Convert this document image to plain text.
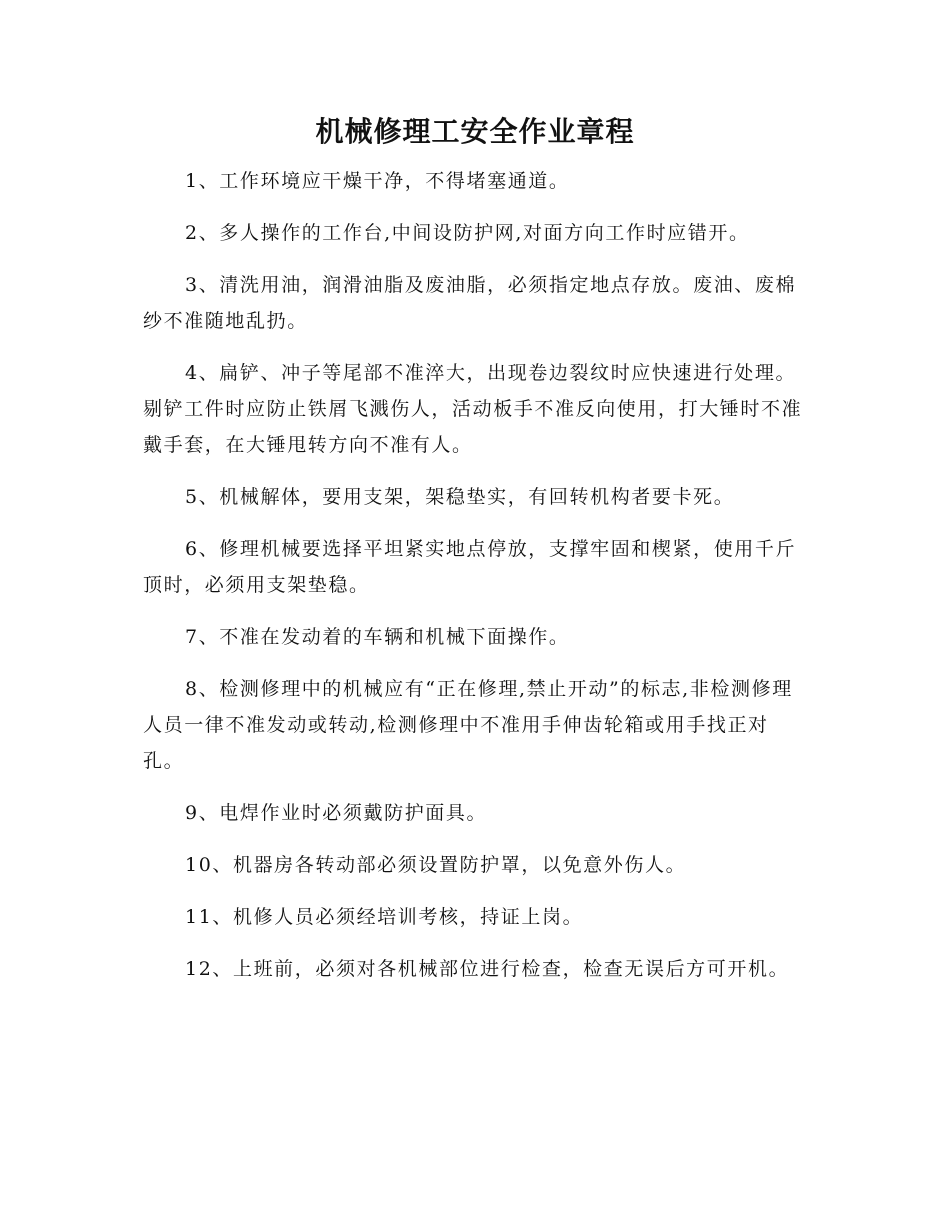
机械修理工安全作业章程

1、工作环境应干燥干净，不得堵塞通道。

2、多人操作的工作台,中间设防护网,对面方向工作时应错开。

3、清洗用油，润滑油脂及废油脂，必须指定地点存放。废油、废棉纱不准随地乱扔。

4、扁铲、冲子等尾部不准淬大，出现卷边裂纹时应快速进行处理。剔铲工件时应防止铁屑飞溅伤人，活动板手不准反向使用，打大锤时不准戴手套，在大锤甩转方向不准有人。

5、机械解体，要用支架，架稳垫实，有回转机构者要卡死。

6、修理机械要选择平坦紧实地点停放，支撑牢固和楔紧，使用千斤顶时，必须用支架垫稳。

7、不准在发动着的车辆和机械下面操作。

8、检测修理中的机械应有“正在修理,禁止开动”的标志,非检测修理人员一律不准发动或转动,检测修理中不准用手伸齿轮箱或用手找正对孔。

9、电焊作业时必须戴防护面具。

10、机器房各转动部必须设置防护罩，以免意外伤人。

11、机修人员必须经培训考核，持证上岗。

12、上班前，必须对各机械部位进行检查，检查无误后方可开机。
